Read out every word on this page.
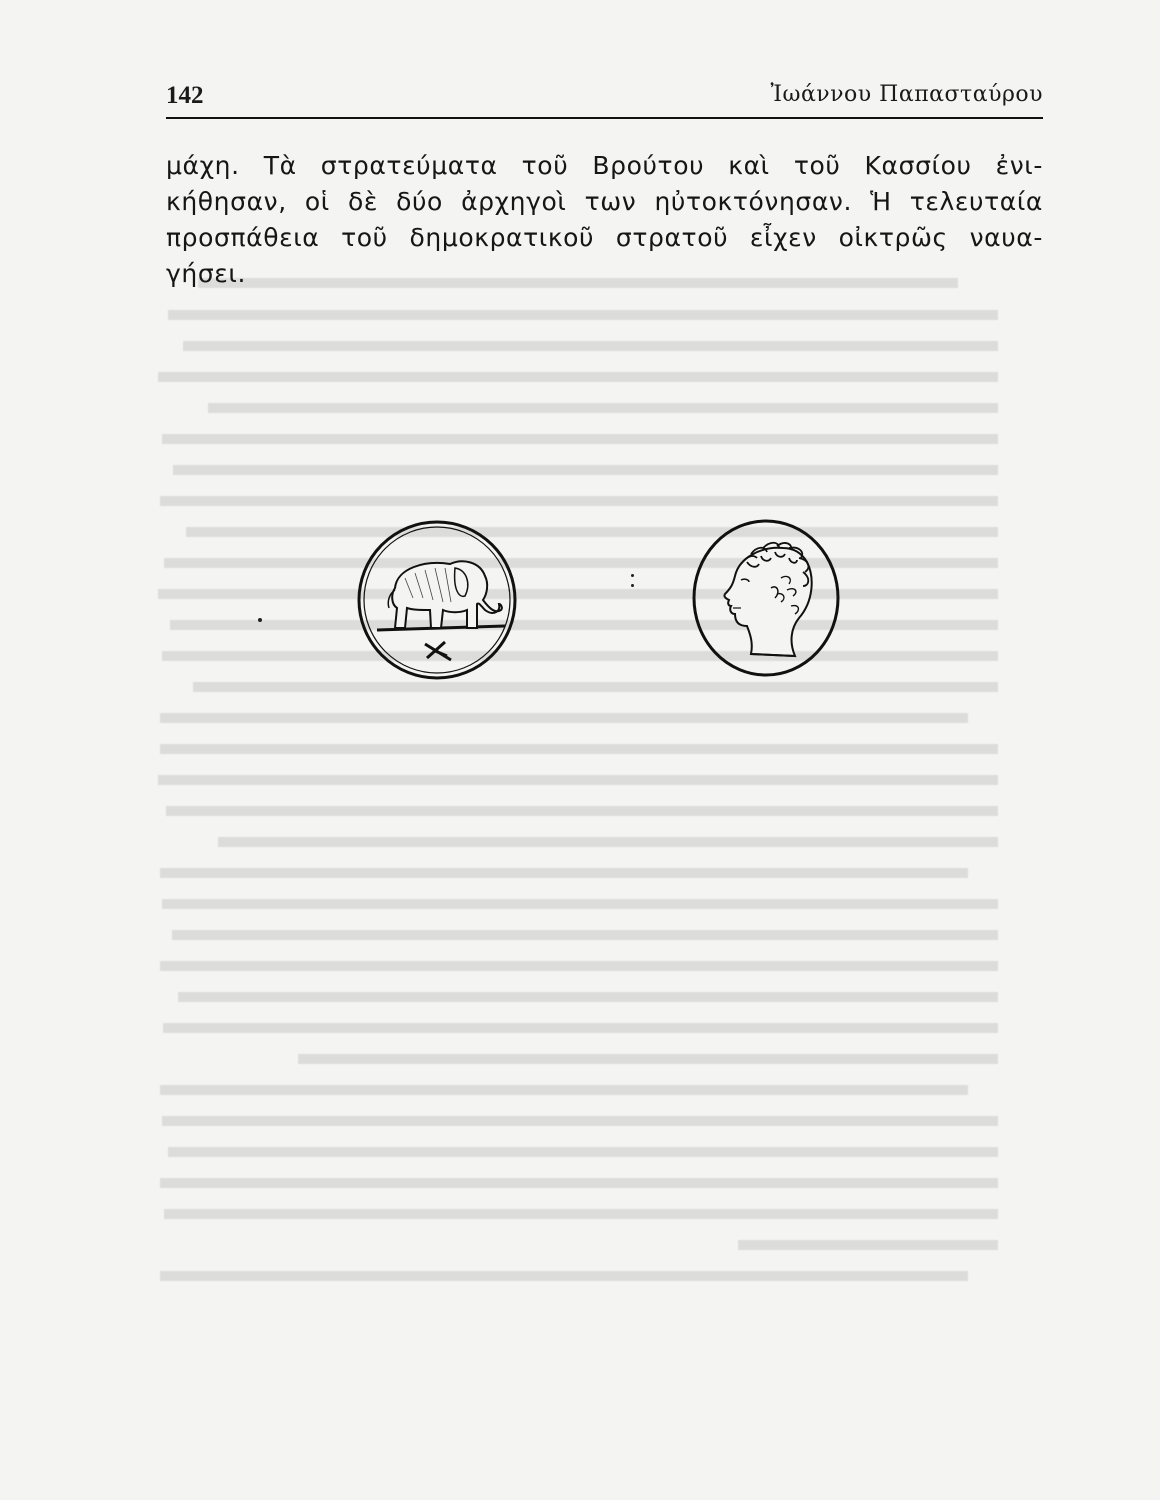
142	Ἰωάννου Παπασταύρου
μάχη. Τὰ στρατεύματα τοῦ Βρούτου καὶ τοῦ Κασσίου ἐνι-
κήθησαν, οἱ δὲ δύο ἀρχηγοὶ των ηὐτοκτόνησαν. Ἡ τελευταία
προσπάθεια τοῦ δημοκρατικοῦ στρατοῦ εἶχεν οἰκτρῶς ναυα-
γήσει.
